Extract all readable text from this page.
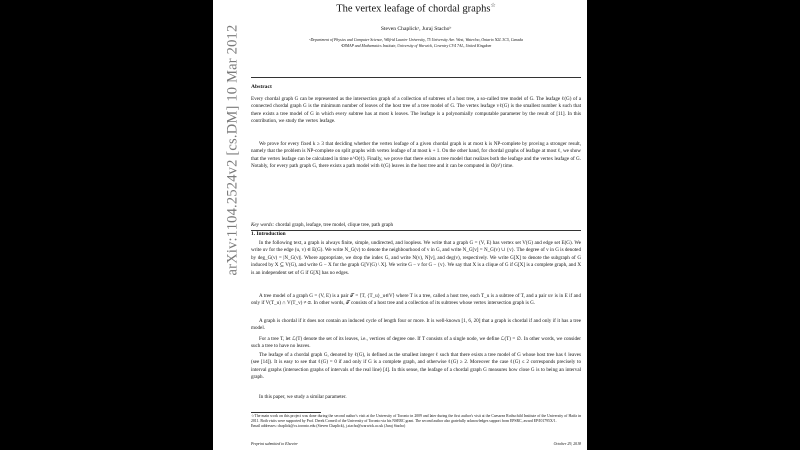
arXiv:1104.2524v2 [cs.DM] 10 Mar 2012
The vertex leafage of chordal graphs☆
Steven Chaplickᵃ, Juraj Stachoᵇ
ᵃDepartment of Physics and Computer Science, Wilfrid Laurier University, 75 University Ave. West, Waterloo, Ontario N2L 3C5, Canada
ᵇDIMAP and Mathematics Institute, University of Warwick, Coventry CV4 7AL, United Kingdom
Abstract
Every chordal graph G can be represented as the intersection graph of a collection of subtrees of a host tree, a so-called tree model of G. The leafage ℓ(G) of a connected chordal graph G is the minimum number of leaves of the host tree of a tree model of G. The vertex leafage vℓ(G) is the smallest number k such that there exists a tree model of G in which every subtree has at most k leaves. The leafage is a polynomially computable parameter by the result of [11]. In this contribution, we study the vertex leafage.
We prove for every fixed k ≥ 3 that deciding whether the vertex leafage of a given chordal graph is at most k is NP-complete by proving a stronger result, namely that the problem is NP-complete on split graphs with vertex leafage of at most k + 1. On the other hand, for chordal graphs of leafage at most ℓ, we show that the vertex leafage can be calculated in time n^O(ℓ). Finally, we prove that there exists a tree model that realizes both the leafage and the vertex leafage of G. Notably, for every path graph G, there exists a path model with ℓ(G) leaves in the host tree and it can be computed in O(n³) time.
Key words: chordal graph, leafage, tree model, clique tree, path graph
1. Introduction
In the following text, a graph is always finite, simple, undirected, and loopless. We write that a graph G = (V, E) has vertex set V(G) and edge set E(G). We write uv for the edge (u, v) ∈ E(G). We write N_G(v) to denote the neighbourhood of v in G, and write N_G[v] = N_G(v) ∪ {v}. The degree of v in G is denoted by deg_G(v) = |N_G(v)|. Where appropriate, we drop the index G, and write N(v), N[v], and deg(v), respectively. We write G[X] to denote the subgraph of G induced by X ⊆ V(G), and write G − X for the graph G[V(G) \ X]. We write G − v for G − {v}. We say that X is a clique of G if G[X] is a complete graph, and X is an independent set of G if G[X] has no edges.
A tree model of a graph G = (V, E) is a pair 𝒯 = ⟨T, {T_u}_u∈V⟩ where T is a tree, called a host tree, each T_u is a subtree of T, and a pair uv is in E if and only if V(T_u) ∩ V(T_v) ≠ ∅. In other words, 𝒯 consists of a host tree and a collection of its subtrees whose vertex intersection graph is G.
A graph is chordal if it does not contain an induced cycle of length four or more. It is well-known [1, 6, 20] that a graph is chordal if and only if it has a tree model.
For a tree T, let ℒ(T) denote the set of its leaves, i.e., vertices of degree one. If T consists of a single node, we define ℒ(T) = ∅. In other words, we consider such a tree to have no leaves.
The leafage of a chordal graph G, denoted by ℓ(G), is defined as the smallest integer ℓ such that there exists a tree model of G whose host tree has ℓ leaves (see [14]). It is easy to see that ℓ(G) = 0 if and only if G is a complete graph, and otherwise ℓ(G) ≥ 2. Moreover the case ℓ(G) ≤ 2 corresponds precisely to interval graphs (intersection graphs of intervals of the real line) [4]. In this sense, the leafage of a chordal graph G measures how close G is to being an interval graph.
In this paper, we study a similar parameter.
☆The main work on this project was done during the second author's visit at the University of Toronto in 2009 and later during the first author's visit at the Caesarea Rothschild Institute of the University of Haifa in 2011. Both visits were supported by Prof. Derek Corneil of the University of Toronto via his NSERC grant. The second author also gratefully acknowledges support from EPSRC, award EP/I01795X/1.
Email addresses: chaplick@cs.toronto.edu (Steven Chaplick), j.stacho@warwick.ac.uk (Juraj Stacho)
Preprint submitted to Elsevier	October 29, 2018
